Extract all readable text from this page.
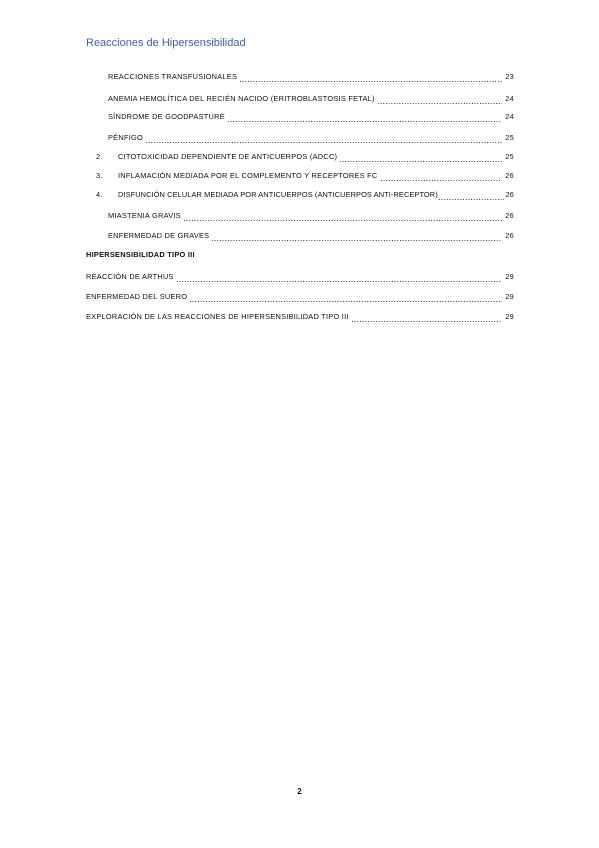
Reacciones de Hipersensibilidad
REACCIONES TRANSFUSIONALES	23
ANEMIA HEMOLÍTICA DEL RECIÉN NACIDO (ERITROBLASTOSIS FETAL)	24
SÍNDROME DE GOODPASTURE	24
PÉNFIGO	25
2.	CITOTOXICIDAD DEPENDIENTE DE ANTICUERPOS (ADCC)	25
3.	INFLAMACIÓN MEDIADA POR EL COMPLEMENTO Y RECEPTORES FC	26
4.	DISFUNCIÓN CELULAR MEDIADA POR ANTICUERPOS (ANTICUERPOS ANTI-RECEPTOR)	26
MIASTENIA GRAVIS	26
ENFERMEDAD DE GRAVES	26
HIPERSENSIBILIDAD TIPO III
REACCIÓN DE ARTHUS	29
ENFERMEDAD DEL SUERO	29
EXPLORACIÓN DE LAS REACCIONES DE HIPERSENSIBILIDAD TIPO III	29
2
